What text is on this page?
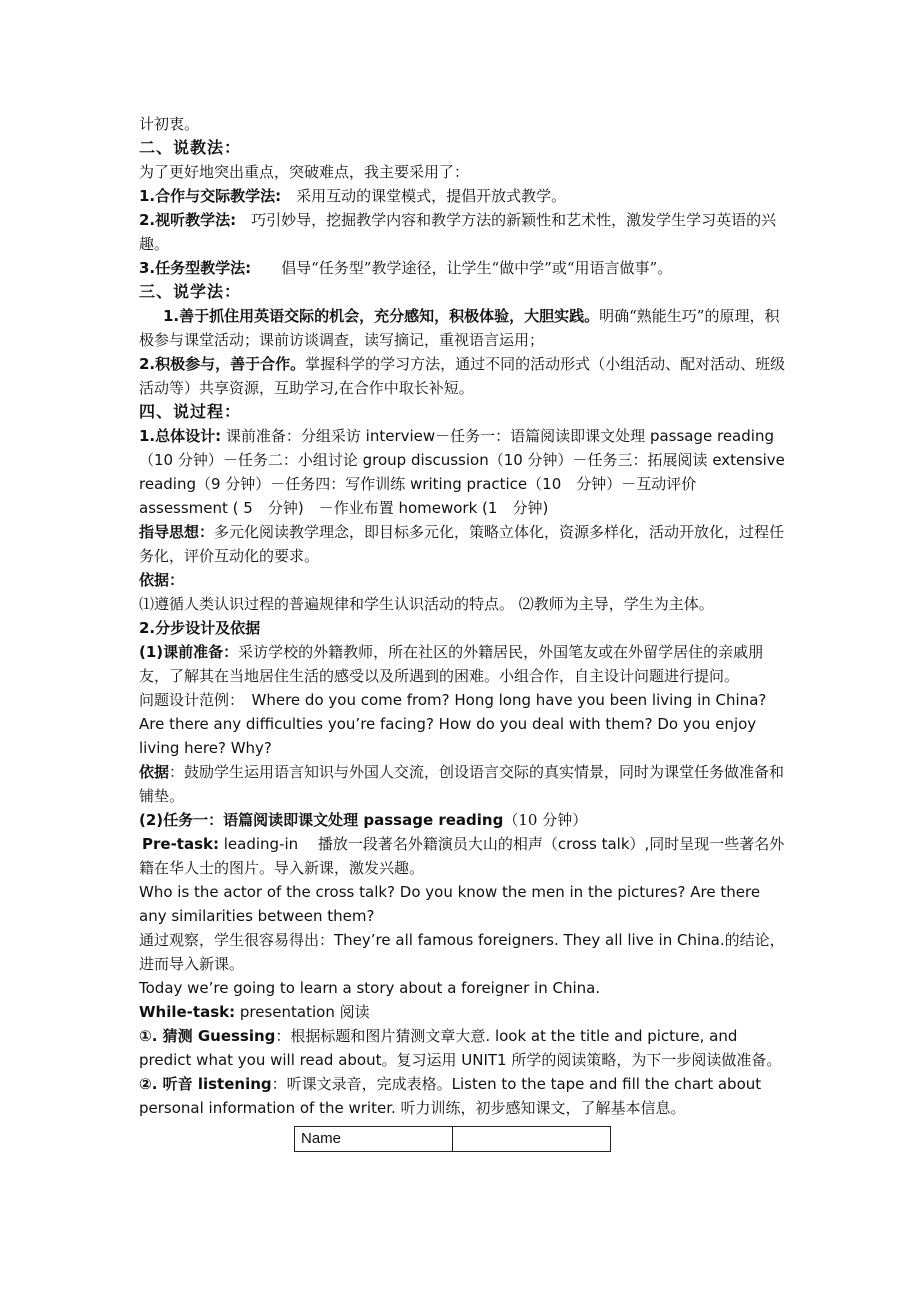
计初衷。

二、说教法：

为了更好地突出重点，突破难点，我主要采用了：

1.合作与交际教学法:　采用互动的课堂模式，提倡开放式教学。

2.视听教学法:　巧引妙导，挖掘教学内容和教学方法的新颖性和艺术性，激发学生学习英语的兴趣。

3.任务型教学法:　　倡导“任务型”教学途径，让学生“做中学”或“用语言做事”。

三、说学法：

1.善于抓住用英语交际的机会，充分感知，积极体验，大胆实践。明确“熟能生巧”的原理，积极参与课堂活动；课前访谈调查，读写摘记，重视语言运用；

2.积极参与，善于合作。掌握科学的学习方法，通过不同的活动形式（小组活动、配对活动、班级活动等）共享资源，互助学习,在合作中取长补短。

四、说过程：

1.总体设计: 课前准备：分组采访 interview－任务一：语篇阅读即课文处理 passage reading（10 分钟）－任务二：小组讨论 group discussion（10 分钟）－任务三：拓展阅读 extensive reading（9 分钟）－任务四：写作训练 writing practice（10　分钟）－互动评价 assessment ( 5　分钟)　－作业布置 homework (1　分钟)

指导思想：多元化阅读教学理念，即目标多元化，策略立体化，资源多样化，活动开放化，过程任务化，评价互动化的要求。

依据：

⑴遵循人类认识过程的普遍规律和学生认识活动的特点。 ⑵教师为主导，学生为主体。

2.分步设计及依据

(1)课前准备：采访学校的外籍教师，所在社区的外籍居民，外国笔友或在外留学居住的亲戚朋友，了解其在当地居住生活的感受以及所遇到的困难。小组合作，自主设计问题进行提问。

问题设计范例：　Where do you come from? Hong long have you been living in China? Are there any difficulties you’re facing? How do you deal with them? Do you enjoy living here? Why?

依据：鼓励学生运用语言知识与外国人交流，创设语言交际的真实情景，同时为课堂任务做准备和铺垫。

(2)任务一：语篇阅读即课文处理 passage reading（10 分钟）

Pre-task: leading-in　 播放一段著名外籍演员大山的相声（cross talk）,同时呈现一些著名外籍在华人士的图片。导入新课，激发兴趣。

Who is the actor of the cross talk? Do you know the men in the pictures? Are there any similarities between them?

通过观察，学生很容易得出：They’re all famous foreigners. They all live in China.的结论，进而导入新课。

Today we’re going to learn a story about a foreigner in China.

While-task: presentation 阅读

①. 猜测 Guessing：根据标题和图片猜测文章大意. look at the title and picture, and predict what you will read about。复习运用 UNIT1 所学的阅读策略，为下一步阅读做准备。

②. 听音 listening：听课文录音，完成表格。Listen to the tape and fill the chart about personal information of the writer. 听力训练，初步感知课文，了解基本信息。

Name	
